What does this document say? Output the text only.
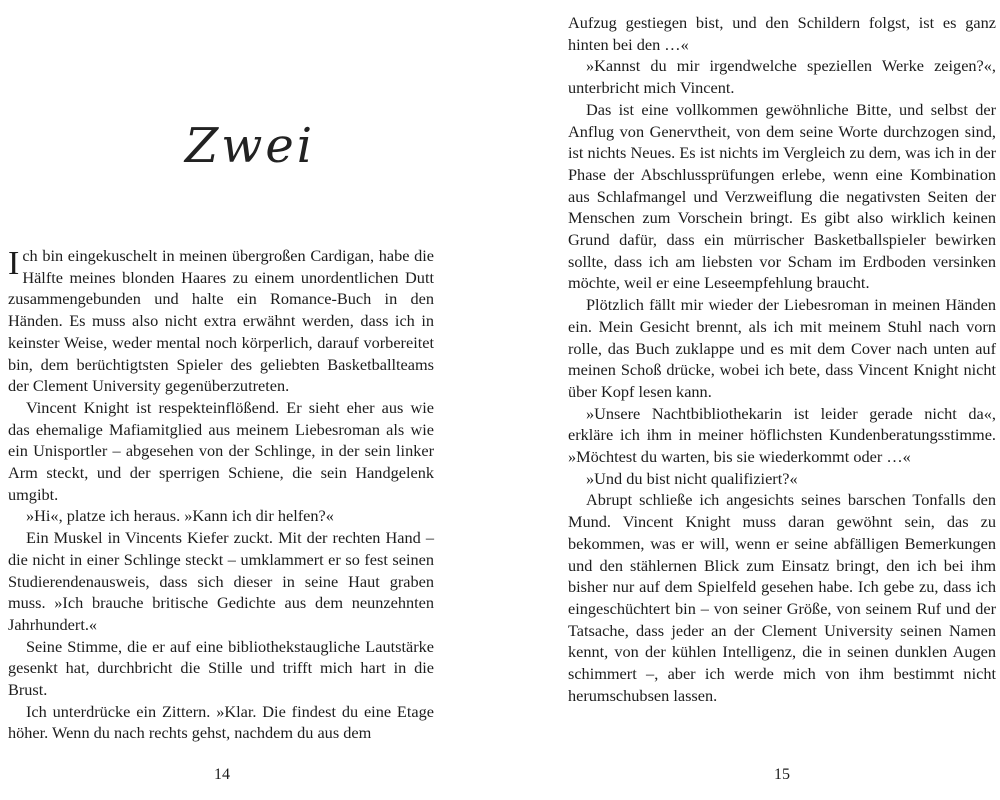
Zwei

Ich bin eingekuschelt in meinen übergroßen Cardigan, habe die Hälfte meines blonden Haares zu einem unordentlichen Dutt zusammengebunden und halte ein Romance-Buch in den Händen. Es muss also nicht extra erwähnt werden, dass ich in keinster Weise, weder mental noch körperlich, darauf vorbereitet bin, dem berüchtigtsten Spieler des geliebten Basketballteams der Clement University gegenüberzutreten.

Vincent Knight ist respekteinflößend. Er sieht eher aus wie das ehemalige Mafiamitglied aus meinem Liebesroman als wie ein Unisportler – abgesehen von der Schlinge, in der sein linker Arm steckt, und der sperrigen Schiene, die sein Handgelenk umgibt.

»Hi«, platze ich heraus. »Kann ich dir helfen?«

Ein Muskel in Vincents Kiefer zuckt. Mit der rechten Hand – die nicht in einer Schlinge steckt – umklammert er so fest seinen Studierendenausweis, dass sich dieser in seine Haut graben muss. »Ich brauche britische Gedichte aus dem neunzehnten Jahrhundert.«

Seine Stimme, die er auf eine bibliothekstaugliche Lautstärke gesenkt hat, durchbricht die Stille und trifft mich hart in die Brust.

Ich unterdrücke ein Zittern. »Klar. Die findest du eine Etage höher. Wenn du nach rechts gehst, nachdem du aus dem

14

Aufzug gestiegen bist, und den Schildern folgst, ist es ganz hinten bei den …«

»Kannst du mir irgendwelche speziellen Werke zeigen?«, unterbricht mich Vincent.

Das ist eine vollkommen gewöhnliche Bitte, und selbst der Anflug von Genervtheit, von dem seine Worte durchzogen sind, ist nichts Neues. Es ist nichts im Vergleich zu dem, was ich in der Phase der Abschlussprüfungen erlebe, wenn eine Kombination aus Schlafmangel und Verzweiflung die negativsten Seiten der Menschen zum Vorschein bringt. Es gibt also wirklich keinen Grund dafür, dass ein mürrischer Basketballspieler bewirken sollte, dass ich am liebsten vor Scham im Erdboden versinken möchte, weil er eine Leseempfehlung braucht.

Plötzlich fällt mir wieder der Liebesroman in meinen Händen ein. Mein Gesicht brennt, als ich mit meinem Stuhl nach vorn rolle, das Buch zuklappe und es mit dem Cover nach unten auf meinen Schoß drücke, wobei ich bete, dass Vincent Knight nicht über Kopf lesen kann.

»Unsere Nachtbibliothekarin ist leider gerade nicht da«, erkläre ich ihm in meiner höflichsten Kundenberatungsstimme. »Möchtest du warten, bis sie wiederkommt oder …«

»Und du bist nicht qualifiziert?«

Abrupt schließe ich angesichts seines barschen Tonfalls den Mund. Vincent Knight muss daran gewöhnt sein, das zu bekommen, was er will, wenn er seine abfälligen Bemerkungen und den stählernen Blick zum Einsatz bringt, den ich bei ihm bisher nur auf dem Spielfeld gesehen habe. Ich gebe zu, dass ich eingeschüchtert bin – von seiner Größe, von seinem Ruf und der Tatsache, dass jeder an der Clement University seinen Namen kennt, von der kühlen Intelligenz, die in seinen dunklen Augen schimmert –, aber ich werde mich von ihm bestimmt nicht herumschubsen lassen.

15
